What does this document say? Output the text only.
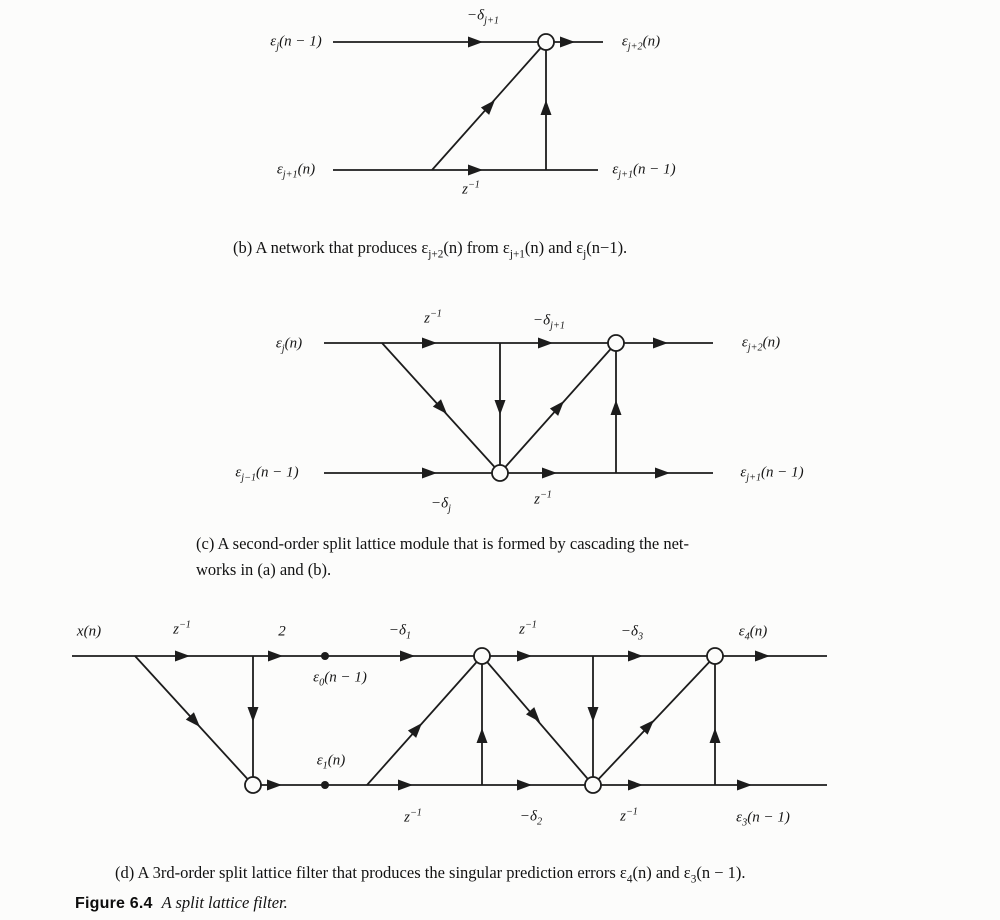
$\varepsilon_j(n - 1)$
$-\delta_{j+1}$
$\varepsilon_{j+2}(n)$
$\varepsilon_{j+1}(n)$
$z^{-1}$
$\varepsilon_{j+1}(n - 1)$
$\varepsilon_j(n)$
$z^{-1}$	$-\delta_{j+1}$
$\varepsilon_{j+2}(n)$
$\varepsilon_{j-1}(n - 1)$
$-\delta_j$
$z^{-1}$
$\varepsilon_{j+1}(n - 1)$
x(n)	$z^{-1}$	2
$\varepsilon_0(n - 1)$
$-\delta_1$	$z^{-1}$	$-\delta_3$	$\varepsilon_4(n)$
$\varepsilon_1(n)$
$z^{-1}$	$-\delta_2$	$z^{-1}$	$\varepsilon_3(n - 1)$
(b) A network that produces $\varepsilon_{j+2}(n)$ from $\varepsilon_{j+1}(n)$ and $\varepsilon_j(n-1)$.
(c) A second-order split lattice module that is formed by cascading the net-
works in (a) and (b).
(d) A 3rd-order split lattice filter that produces the singular prediction errors $\varepsilon_4(n)$ and $\varepsilon_3(n - 1)$.
Figure 6.4 A split lattice filter.
